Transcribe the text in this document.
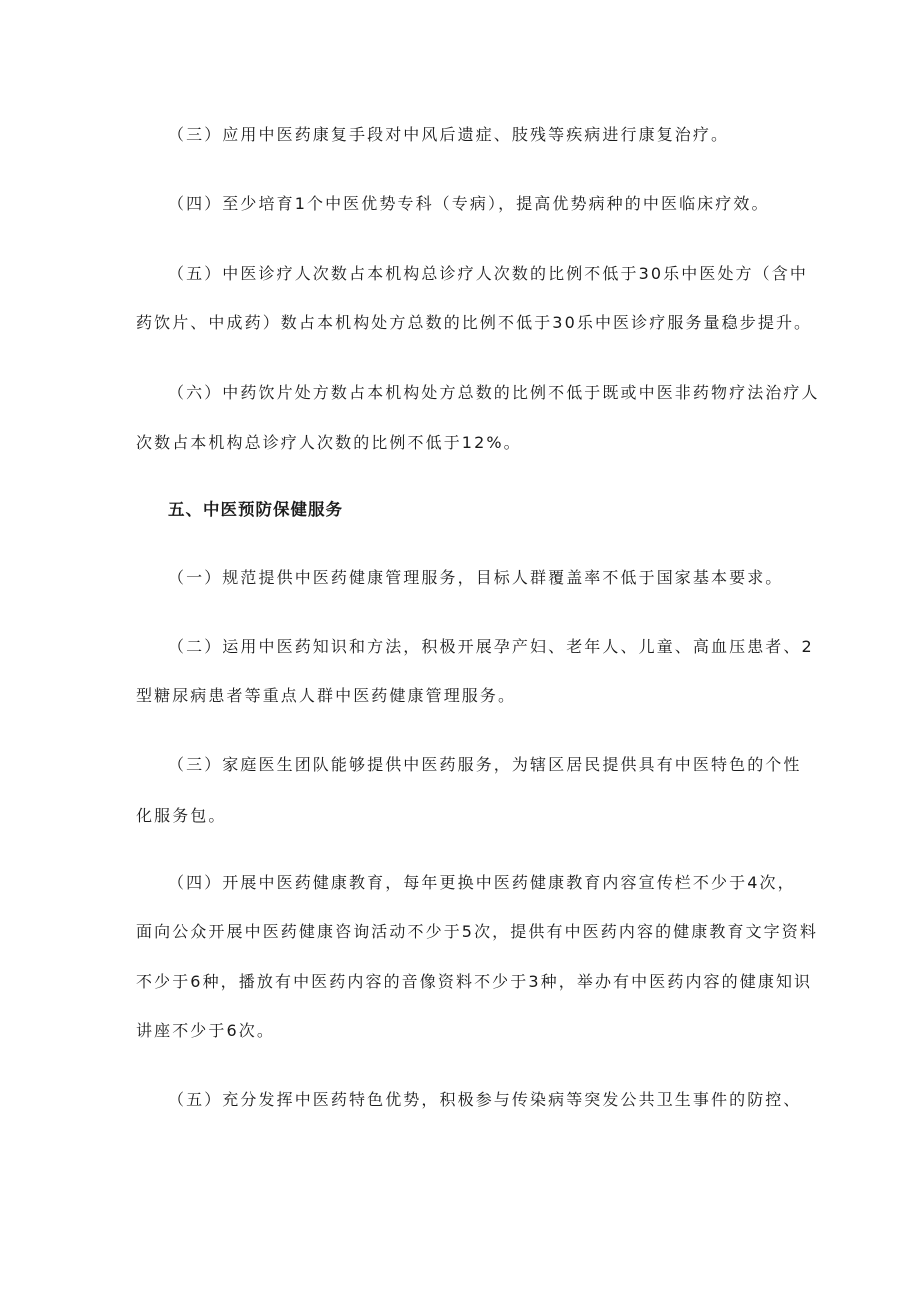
（三）应用中医药康复手段对中风后遗症、肢残等疾病进行康复治疗。
（四）至少培育1个中医优势专科（专病），提高优势病种的中医临床疗效。
（五）中医诊疗人次数占本机构总诊疗人次数的比例不低于30乐中医处方（含中
药饮片、中成药）数占本机构处方总数的比例不低于30乐中医诊疗服务量稳步提升。
（六）中药饮片处方数占本机构处方总数的比例不低于既或中医非药物疗法治疗人
次数占本机构总诊疗人次数的比例不低于12%。
五、中医预防保健服务
（一）规范提供中医药健康管理服务，目标人群覆盖率不低于国家基本要求。
（二）运用中医药知识和方法，积极开展孕产妇、老年人、儿童、高血压患者、2
型糖尿病患者等重点人群中医药健康管理服务。
（三）家庭医生团队能够提供中医药服务，为辖区居民提供具有中医特色的个性
化服务包。
（四）开展中医药健康教育，每年更换中医药健康教育内容宣传栏不少于4次，
面向公众开展中医药健康咨询活动不少于5次，提供有中医药内容的健康教育文字资料
不少于6种，播放有中医药内容的音像资料不少于3种，举办有中医药内容的健康知识
讲座不少于6次。
（五）充分发挥中医药特色优势，积极参与传染病等突发公共卫生事件的防控、
